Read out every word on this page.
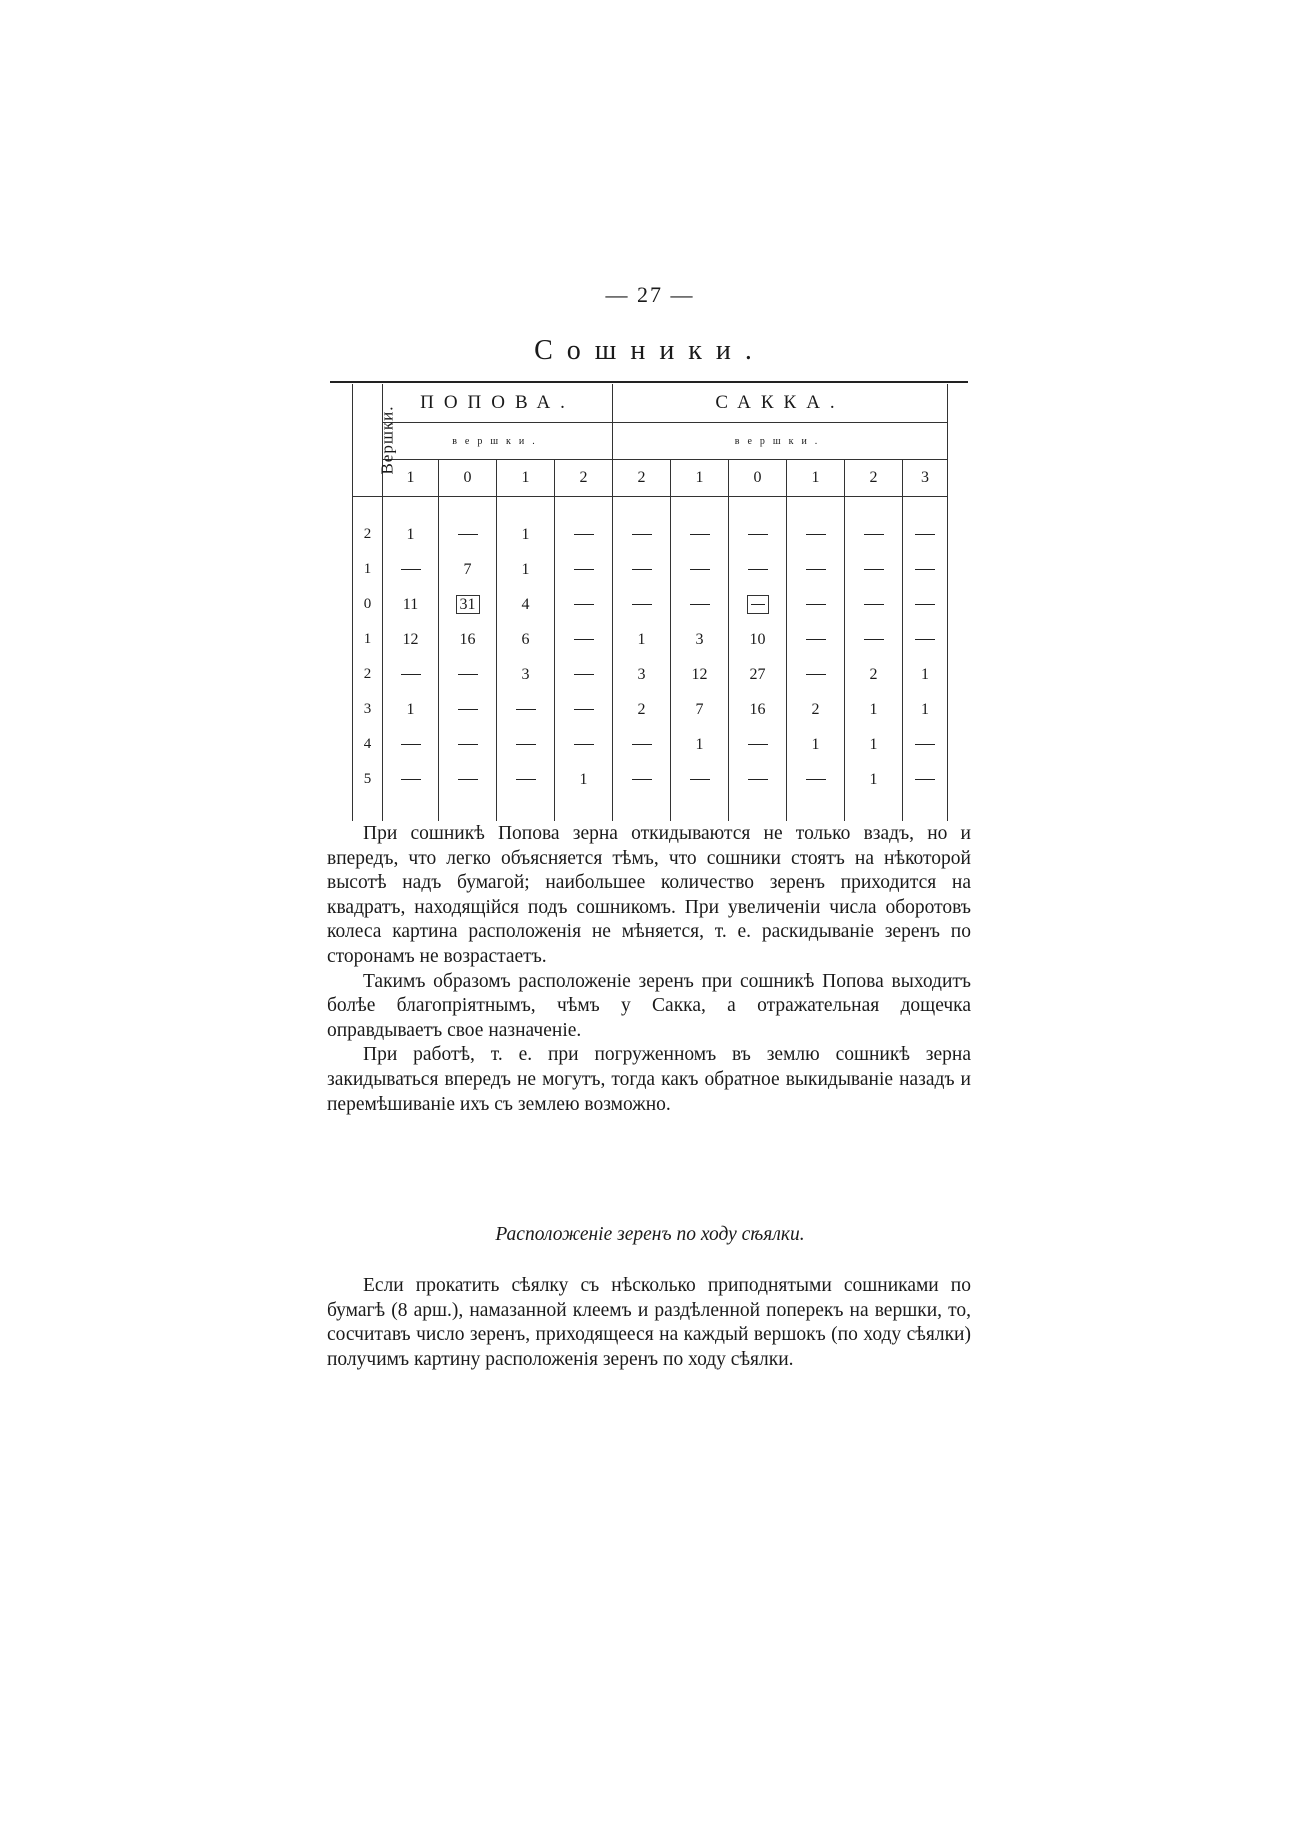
— 27 —
Сошники.
Вершки.	ПОПОВА.				САККА.					
	вершки.				вершки.					
	1	0	1	2	2	1	0	1	2	3

2	1		1							
1		7	1							
0	11	31	4							
1	12	16	6		1	3	10			
2			3		3	12	27		2	1
3	1				2	7	16	2	1	1
4						1		1	1	
5				1					1	

При сошникѣ Попова зерна откидываются не только взадъ, но и впередъ, что легко объясняется тѣмъ, что сошники стоятъ на нѣкоторой высотѣ надъ бумагой; наибольшее количество зеренъ приходится на квадратъ, находящійся подъ сошникомъ. При увеличеніи числа оборотовъ колеса картина расположенія не мѣняется, т. е. раскидываніе зеренъ по сторонамъ не возрастаетъ.

Такимъ образомъ расположеніе зеренъ при сошникѣ Попова выходитъ болѣе благопріятнымъ, чѣмъ у Сакка, а отражательная дощечка оправдываетъ свое назначеніе.

При работѣ, т. е. при погруженномъ въ землю сошникѣ зерна закидываться впередъ не могутъ, тогда какъ обратное выкидываніе назадъ и перемѣшиваніе ихъ съ землею возможно.

Расположеніе зеренъ по ходу сѣялки.

Если прокатить сѣялку съ нѣсколько приподнятыми сошниками по бумагѣ (8 арш.), намазанной клеемъ и раздѣленной поперекъ на вершки, то, сосчитавъ число зеренъ, приходящееся на каждый вершокъ (по ходу сѣялки) получимъ картину расположенія зеренъ по ходу сѣялки.
